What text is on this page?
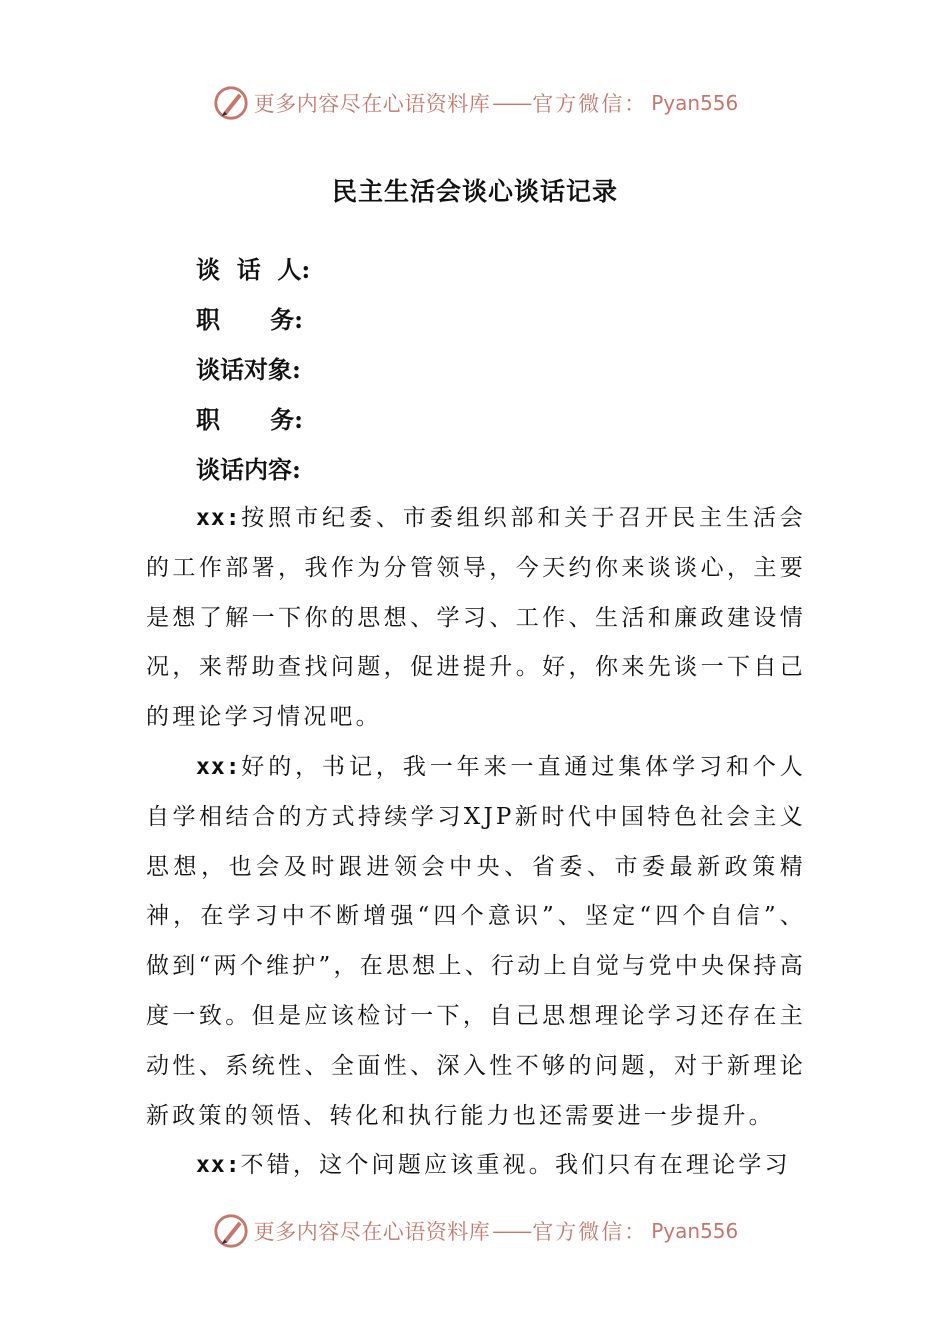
更多内容尽在心语资料库 —— 官方微信： Pyan556
民主生活会谈心谈话记录
谈  话  人:
职      务:
谈话对象:
职      务:
谈话内容:

xx:按照市纪委、市委组织部和关于召开民主生活会的工作部署，我作为分管领导，今天约你来谈谈心，主要是想了解一下你的思想、学习、工作、生活和廉政建设情况，来帮助查找问题，促进提升。好，你来先谈一下自己的理论学习情况吧。

xx:好的，书记，我一年来一直通过集体学习和个人自学相结合的方式持续学习XJP新时代中国特色社会主义思想，也会及时跟进领会中央、省委、市委最新政策精神，在学习中不断增强“四个意识”、坚定“四个自信”、做到“两个维护”，在思想上、行动上自觉与党中央保持高度一致。但是应该检讨一下，自己思想理论学习还存在主动性、系统性、全面性、深入性不够的问题，对于新理论新政策的领悟、转化和执行能力也还需要进一步提升。

xx:不错，这个问题应该重视。我们只有在理论学习

更多内容尽在心语资料库 —— 官方微信： Pyan556
